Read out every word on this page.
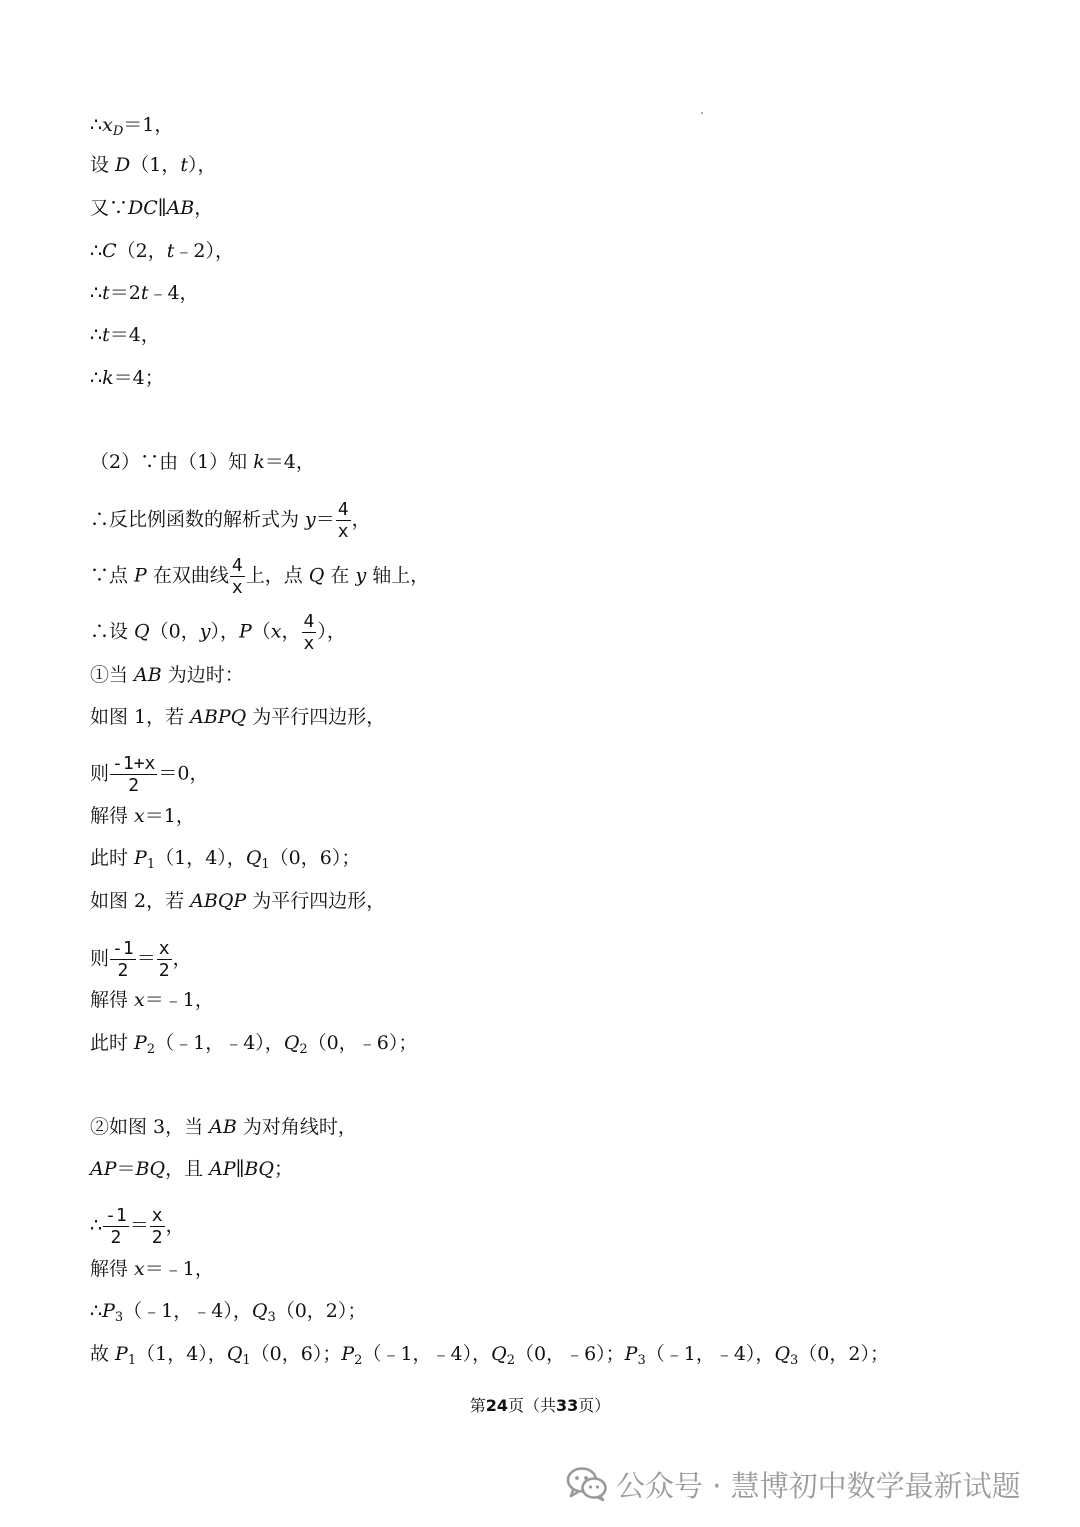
$\therefore x_D=1$，
设 D（1，t），
又∵DC∥AB，
∴C（2，t﹣2），
∴t＝2t﹣4，
∴t＝4，
∴k＝4；
（2）∵由（1）知 k＝4，
∴反比例函数的解析式为 $y= \frac{4}{x}$ ，
∵点 P 在双曲线 $\frac{4}{x}$ 上，点 Q 在 y 轴上，
∴设 Q（0，y），P（x， $\frac{4}{x}$ ），
①当 AB 为边时：
如图 1，若 ABPQ 为平行四边形，
则 $\frac{-1+x}{2} =0$，
解得 x＝1，
此时 $P_1(1$，4），$Q_1(0$，6）；
如图 2，若 ABQP 为平行四边形，
则 $\frac{-1}{2} = \frac{x}{2}$ ，
解得 x＝﹣1，
此时 $P_2(﹣1$，﹣4），$Q_2(0$，﹣6）；
②如图 3，当 AB 为对角线时，
AP＝BQ，且 AP∥BQ；
∴ $\frac{-1}{2} = \frac{x}{2}$ ，
解得 x＝﹣1，
$\therefore P_3(﹣1$，﹣4），$Q_3(0$，2）；
故 $P_1(1$，4），$Q_1(0$，6）；$P_2(﹣1$，﹣4），$Q_2(0$，﹣6）；$P_3(﹣1$，﹣4），$Q_3(0$，2）；
第24页（共33页）
公众号 · 慧博初中数学最新试题
